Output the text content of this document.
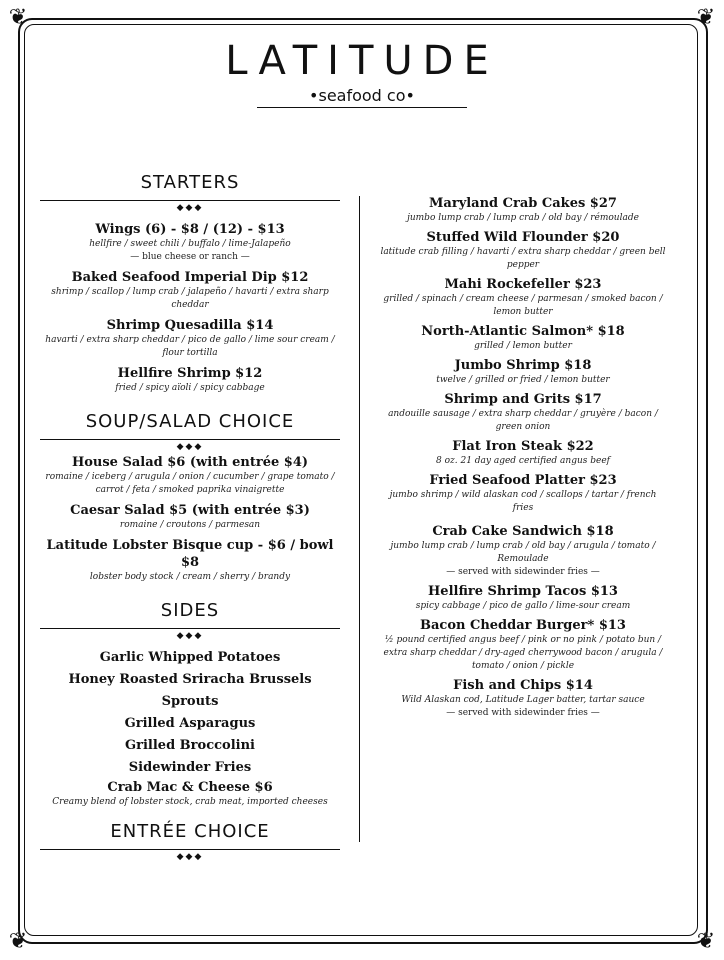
❦	❦
❦	❦
LATITUDE
•seafood co•
STARTERS
◆◆◆
Wings (6) - $8 / (12) - $13
hellfire / sweet chili / buffalo / lime-Jalapeño
— blue cheese or ranch —
Baked Seafood Imperial Dip $12
shrimp / scallop / lump crab / jalapeño / havarti / extra sharp cheddar
Shrimp Quesadilla $14
havarti / extra sharp cheddar / pico de gallo / lime sour cream / flour tortilla
Hellfire Shrimp $12
fried / spicy aïoli / spicy cabbage
SOUP/SALAD CHOICE
◆◆◆
House Salad $6 (with entrée $4)
romaine / iceberg / arugula / onion / cucumber / grape tomato / carrot / feta / smoked paprika vinaigrette
Caesar Salad $5 (with entrée $3)
romaine / croutons / parmesan
Latitude Lobster Bisque cup - $6 / bowl $8
lobster body stock / cream / sherry / brandy
SIDES
◆◆◆
Garlic Whipped Potatoes
Honey Roasted Sriracha Brussels Sprouts
Grilled Asparagus
Grilled Broccolini
Sidewinder Fries
Crab Mac & Cheese $6
Creamy blend of lobster stock, crab meat, imported cheeses
ENTRÉE CHOICE
◆◆◆
Maryland Crab Cakes $27
jumbo lump crab / lump crab / old bay / rémoulade
Stuffed Wild Flounder $20
latitude crab filling / havarti / extra sharp cheddar / green bell pepper
Mahi Rockefeller $23
grilled / spinach / cream cheese / parmesan / smoked bacon / lemon butter
North-Atlantic Salmon* $18
grilled / lemon butter
Jumbo Shrimp $18
twelve / grilled or fried / lemon butter
Shrimp and Grits $17
andouille sausage / extra sharp cheddar / gruyère / bacon / green onion
Flat Iron Steak $22
8 oz. 21 day aged certified angus beef
Fried Seafood Platter $23
jumbo shrimp / wild alaskan cod / scallops / tartar / french fries
Crab Cake Sandwich $18
jumbo lump crab / lump crab / old bay / arugula / tomato / Remoulade
— served with sidewinder fries —
Hellfire Shrimp Tacos $13
spicy cabbage / pico de gallo / lime-sour cream
Bacon Cheddar Burger* $13
½ pound certified angus beef / pink or no pink / potato bun / extra sharp cheddar / dry-aged cherrywood bacon / arugula / tomato / onion / pickle
Fish and Chips $14
Wild Alaskan cod, Latitude Lager batter, tartar sauce
— served with sidewinder fries —
